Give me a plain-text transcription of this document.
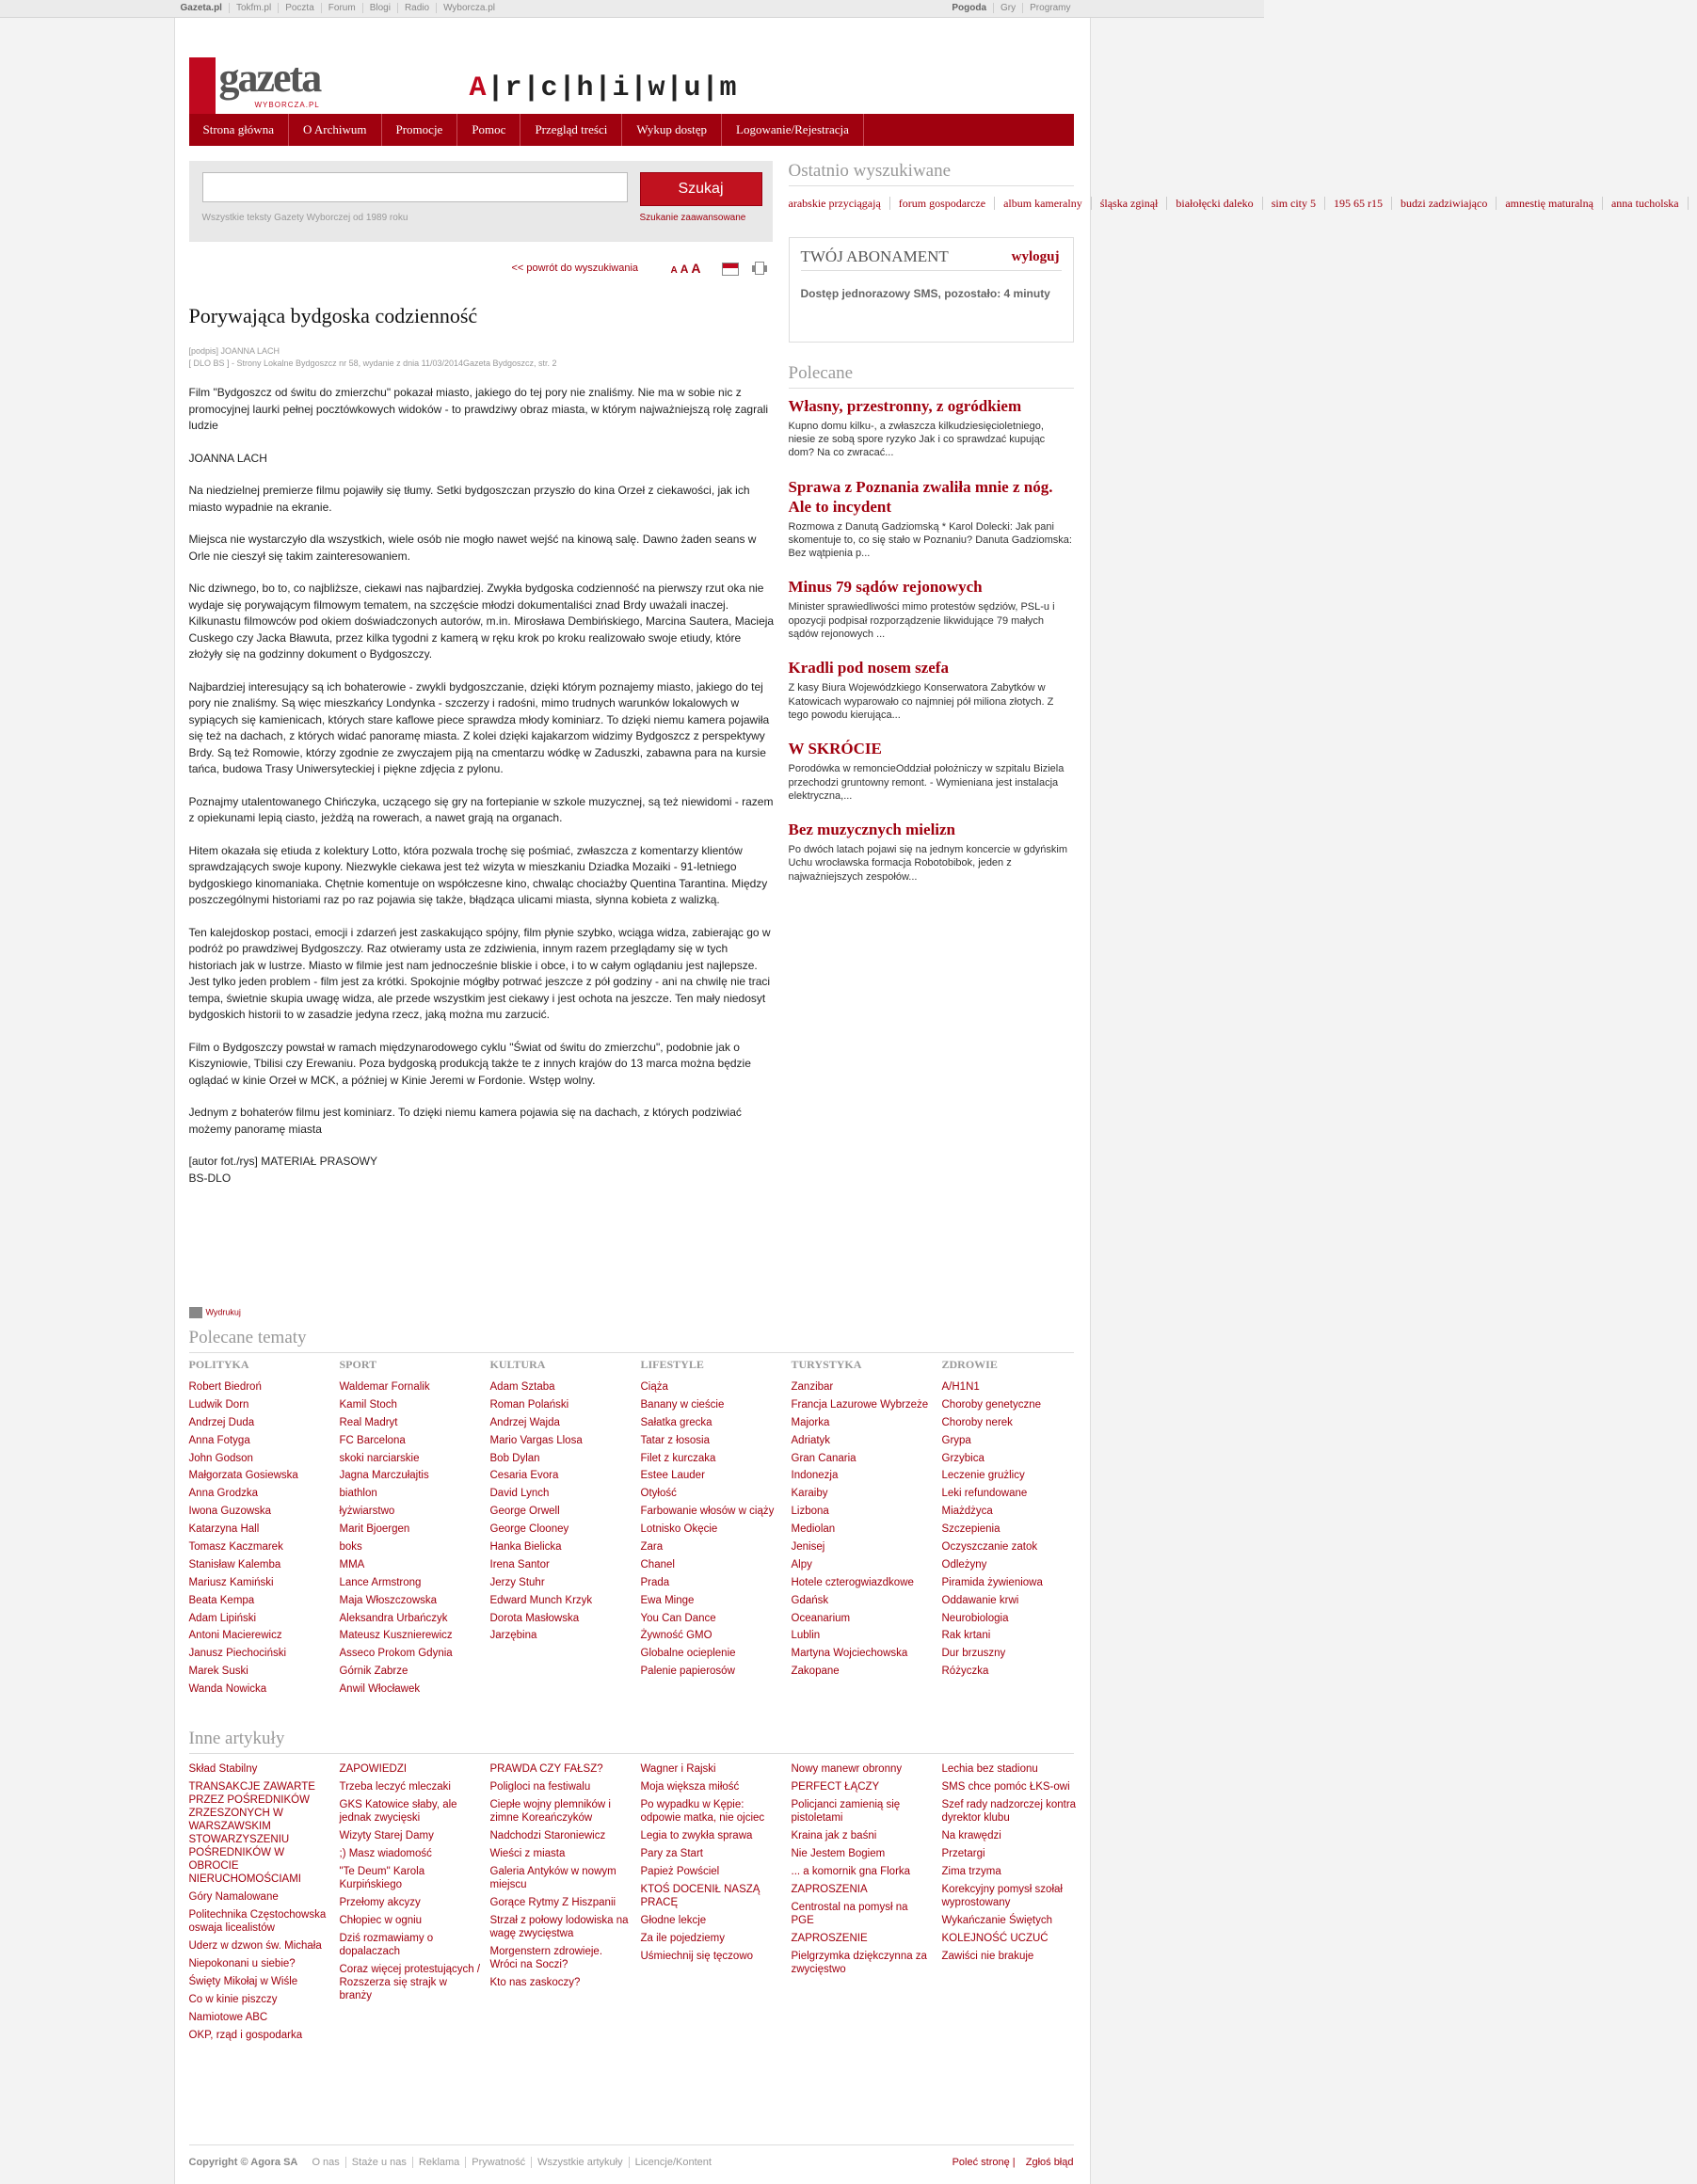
Gazeta.pl Tokfm.pl Poczta Forum Blogi Radio Wyborcza.pl	Pogoda Gry Programy
gazeta
WYBORCZA.PL
A|r|c|h|i|w|u|m
Strona główna	O Archiwum	Promocje	Pomoc	Przegląd treści	Wykup dostęp	Logowanie/Rejestracja
Szukaj
Wszystkie teksty Gazety Wyborczej od 1989 roku	Szukanie zaawansowane
<< powrót do wyszukiwania	A A A
Porywająca bydgoska codzienność
[podpis] JOANNA LACH
[ DLO BS ] - Strony Lokalne Bydgoszcz nr 58, wydanie z dnia 11/03/2014Gazeta Bydgoszcz, str. 2

Film "Bydgoszcz od świtu do zmierzchu" pokazał miasto, jakiego do tej pory nie znaliśmy. Nie ma w sobie nic z promocyjnej laurki pełnej pocztówkowych widoków - to prawdziwy obraz miasta, w którym najważniejszą rolę zagrali ludzie

JOANNA LACH

Na niedzielnej premierze filmu pojawiły się tłumy. Setki bydgoszczan przyszło do kina Orzeł z ciekawości, jak ich miasto wypadnie na ekranie.

Miejsca nie wystarczyło dla wszystkich, wiele osób nie mogło nawet wejść na kinową salę. Dawno żaden seans w Orle nie cieszył się takim zainteresowaniem.

Nic dziwnego, bo to, co najbliższe, ciekawi nas najbardziej. Zwykła bydgoska codzienność na pierwszy rzut oka nie wydaje się porywającym filmowym tematem, na szczęście młodzi dokumentaliści znad Brdy uważali inaczej. Kilkunastu filmowców pod okiem doświadczonych autorów, m.in. Mirosława Dembińskiego, Marcina Sautera, Macieja Cuskego czy Jacka Bławuta, przez kilka tygodni z kamerą w ręku krok po kroku realizowało swoje etiudy, które złożyły się na godzinny dokument o Bydgoszczy.

Najbardziej interesujący są ich bohaterowie - zwykli bydgoszczanie, dzięki którym poznajemy miasto, jakiego do tej pory nie znaliśmy. Są więc mieszkańcy Londynka - szczerzy i radośni, mimo trudnych warunków lokalowych w sypiących się kamienicach, których stare kaflowe piece sprawdza młody kominiarz. To dzięki niemu kamera pojawiła się też na dachach, z których widać panoramę miasta. Z kolei dzięki kajakarzom widzimy Bydgoszcz z perspektywy Brdy. Są też Romowie, którzy zgodnie ze zwyczajem piją na cmentarzu wódkę w Zaduszki, zabawna para na kursie tańca, budowa Trasy Uniwersyteckiej i piękne zdjęcia z pylonu.

Poznajmy utalentowanego Chińczyka, uczącego się gry na fortepianie w szkole muzycznej, są też niewidomi - razem z opiekunami lepią ciasto, jeżdżą na rowerach, a nawet grają na organach.

Hitem okazała się etiuda z kolektury Lotto, która pozwala trochę się pośmiać, zwłaszcza z komentarzy klientów sprawdzających swoje kupony. Niezwykle ciekawa jest też wizyta w mieszkaniu Dziadka Mozaiki - 91-letniego bydgoskiego kinomaniaka. Chętnie komentuje on współczesne kino, chwaląc chociażby Quentina Tarantina. Między poszczególnymi historiami raz po raz pojawia się także, błądząca ulicami miasta, słynna kobieta z walizką.

Ten kalejdoskop postaci, emocji i zdarzeń jest zaskakująco spójny, film płynie szybko, wciąga widza, zabierając go w podróż po prawdziwej Bydgoszczy. Raz otwieramy usta ze zdziwienia, innym razem przeglądamy się w tych historiach jak w lustrze. Miasto w filmie jest nam jednocześnie bliskie i obce, i to w całym oglądaniu jest najlepsze. Jest tylko jeden problem - film jest za krótki. Spokojnie mógłby potrwać jeszcze z pół godziny - ani na chwilę nie traci tempa, świetnie skupia uwagę widza, ale przede wszystkim jest ciekawy i jest ochota na jeszcze. Ten mały niedosyt bydgoskich historii to w zasadzie jedyna rzecz, jaką można mu zarzucić.

Film o Bydgoszczy powstał w ramach międzynarodowego cyklu "Świat od świtu do zmierzchu", podobnie jak o Kiszyniowie, Tbilisi czy Erewaniu. Poza bydgoską produkcją także te z innych krajów do 13 marca można będzie oglądać w kinie Orzeł w MCK, a później w Kinie Jeremi w Fordonie. Wstęp wolny.

Jednym z bohaterów filmu jest kominiarz. To dzięki niemu kamera pojawia się na dachach, z których podziwiać możemy panoramę miasta

[autor fot./rys] MATERIAŁ PRASOWY
BS-DLO

Wydrukuj
Ostatnio wyszukiwane
arabskie przyciągają forum gospodarcze album kameralny śląska zginął białołęcki daleko sim city 5 195 65 r15 budzi zadziwiająco amnestię maturalną anna tucholska
TWÓJ ABONAMENT	wyloguj
Dostęp jednorazowy SMS, pozostało: 4 minuty
Polecane
Własny, przestronny, z ogródkiem
Kupno domu kilku-, a zwłaszcza kilkudziesięcioletniego, niesie ze sobą spore ryzyko Jak i co sprawdzać kupując dom? Na co zwracać...
Sprawa z Poznania zwaliła mnie z nóg. Ale to incydent
Rozmowa z Danutą Gadziomską * Karol Dolecki: Jak pani skomentuje to, co się stało w Poznaniu? Danuta Gadziomska: Bez wątpienia p...
Minus 79 sądów rejonowych
Minister sprawiedliwości mimo protestów sędziów, PSL-u i opozycji podpisał rozporządzenie likwidujące 79 małych sądów rejonowych ...
Kradli pod nosem szefa
Z kasy Biura Wojewódzkiego Konserwatora Zabytków w Katowicach wyparowało co najmniej pół miliona złotych. Z tego powodu kierująca...
W SKRÓCIE
Porodówka w remoncieOddział położniczy w szpitalu Biziela przechodzi gruntowny remont. - Wymieniana jest instalacja elektryczna,...
Bez muzycznych mielizn
Po dwóch latach pojawi się na jednym koncercie w gdyńskim Uchu wrocławska formacja Robotobibok, jeden z najważniejszych zespołów...
Polecane tematy
POLITYKA
Robert Biedroń
Ludwik Dorn
Andrzej Duda
Anna Fotyga
John Godson
Małgorzata Gosiewska
Anna Grodzka
Iwona Guzowska
Katarzyna Hall
Tomasz Kaczmarek
Stanisław Kalemba
Mariusz Kamiński
Beata Kempa
Adam Lipiński
Antoni Macierewicz
Janusz Piechociński
Marek Suski
Wanda Nowicka
SPORT
Waldemar Fornalik
Kamil Stoch
Real Madryt
FC Barcelona
skoki narciarskie
Jagna Marczułajtis
biathlon
łyżwiarstwo
Marit Bjoergen
boks
MMA
Lance Armstrong
Maja Włoszczowska
Aleksandra Urbańczyk
Mateusz Kusznierewicz
Asseco Prokom Gdynia
Górnik Zabrze
Anwil Włocławek
KULTURA
Adam Sztaba
Roman Polański
Andrzej Wajda
Mario Vargas Llosa
Bob Dylan
Cesaria Evora
David Lynch
George Orwell
George Clooney
Hanka Bielicka
Irena Santor
Jerzy Stuhr
Edward Munch Krzyk
Dorota Masłowska
Jarzębina
LIFESTYLE
Ciąża
Banany w cieście
Sałatka grecka
Tatar z łososia
Filet z kurczaka
Estee Lauder
Otyłość
Farbowanie włosów w ciąży
Lotnisko Okęcie
Zara
Chanel
Prada
Ewa Minge
You Can Dance
Żywność GMO
Globalne ocieplenie
Palenie papierosów
TURYSTYKA
Zanzibar
Francja Lazurowe Wybrzeże
Majorka
Adriatyk
Gran Canaria
Indonezja
Karaiby
Lizbona
Mediolan
Jenisej
Alpy
Hotele czterogwiazdkowe
Gdańsk
Oceanarium
Lublin
Martyna Wojciechowska
Zakopane
ZDROWIE
A/H1N1
Choroby genetyczne
Choroby nerek
Grypa
Grzybica
Leczenie grużlicy
Leki refundowane
Miażdżyca
Szczepienia
Oczyszczanie zatok
Odleżyny
Piramida żywieniowa
Oddawanie krwi
Neurobiologia
Rak krtani
Dur brzuszny
Różyczka
Inne artykuły
Skład Stabilny
TRANSAKCJE ZAWARTE PRZEZ POŚREDNIKÓW ZRZESZONYCH W WARSZAWSKIM STOWARZYSZENIU POŚREDNIKÓW W OBROCIE NIERUCHOMOŚCIAMI
Góry Namalowane
Politechnika Częstochowska oswaja licealistów
Uderz w dzwon św. Michała
Niepokonani u siebie?
Święty Mikołaj w Wiśle
Co w kinie piszczy
Namiotowe ABC
OKP, rząd i gospodarka
ZAPOWIEDZI
Trzeba leczyć mleczaki
GKS Katowice słaby, ale jednak zwycięski
Wizyty Starej Damy
;) Masz wiadomość
"Te Deum" Karola Kurpińskiego
Przełomy akcyzy
Chłopiec w ogniu
Dziś rozmawiamy o dopalaczach
Coraz więcej protestujących / Rozszerza się strajk w branży
PRAWDA CZY FAŁSZ?
Poligloci na festiwalu
Ciepłe wojny plemników i zimne Koreańczyków
Nadchodzi Staroniewicz
Wieści z miasta
Galeria Antyków w nowym miejscu
Gorące Rytmy Z Hiszpanii
Strzał z połowy lodowiska na wagę zwycięstwa
Morgenstern zdrowieje. Wróci na Soczi?
Kto nas zaskoczy?
Wagner i Rajski
Moja większa miłość
Po wypadku w Kępie: odpowie matka, nie ojciec
Legia to zwykła sprawa
Pary za Start
Papież Powściel
KTOŚ DOCENIŁ NASZĄ PRACĘ
Głodne lekcje
Za ile pojedziemy
Uśmiechnij się tęczowo
Nowy manewr obronny
PERFECT ŁĄCZY
Policjanci zamienią się pistoletami
Kraina jak z baśni
Nie Jestem Bogiem
... a komornik gna Florka
ZAPROSZENIA
Centrostal na pomysł na PGE
ZAPROSZENIE
Pielgrzymka dziękczynna za zwycięstwo
Lechia bez stadionu
SMS chce pomóc ŁKS-owi
Szef rady nadzorczej kontra dyrektor klubu
Na krawędzi
Przetargi
Zima trzyma
Korekcyjny pomysł szołał wyprostowany
Wykańczanie Świętych
KOLEJNOŚĆ UCZUĆ
Zawiści nie brakuje
Copyright © Agora SA O nas Staże u nas Reklama Prywatność Wszystkie artykuły Licencje/Kontent	Poleć stronę | Zgłoś błąd
